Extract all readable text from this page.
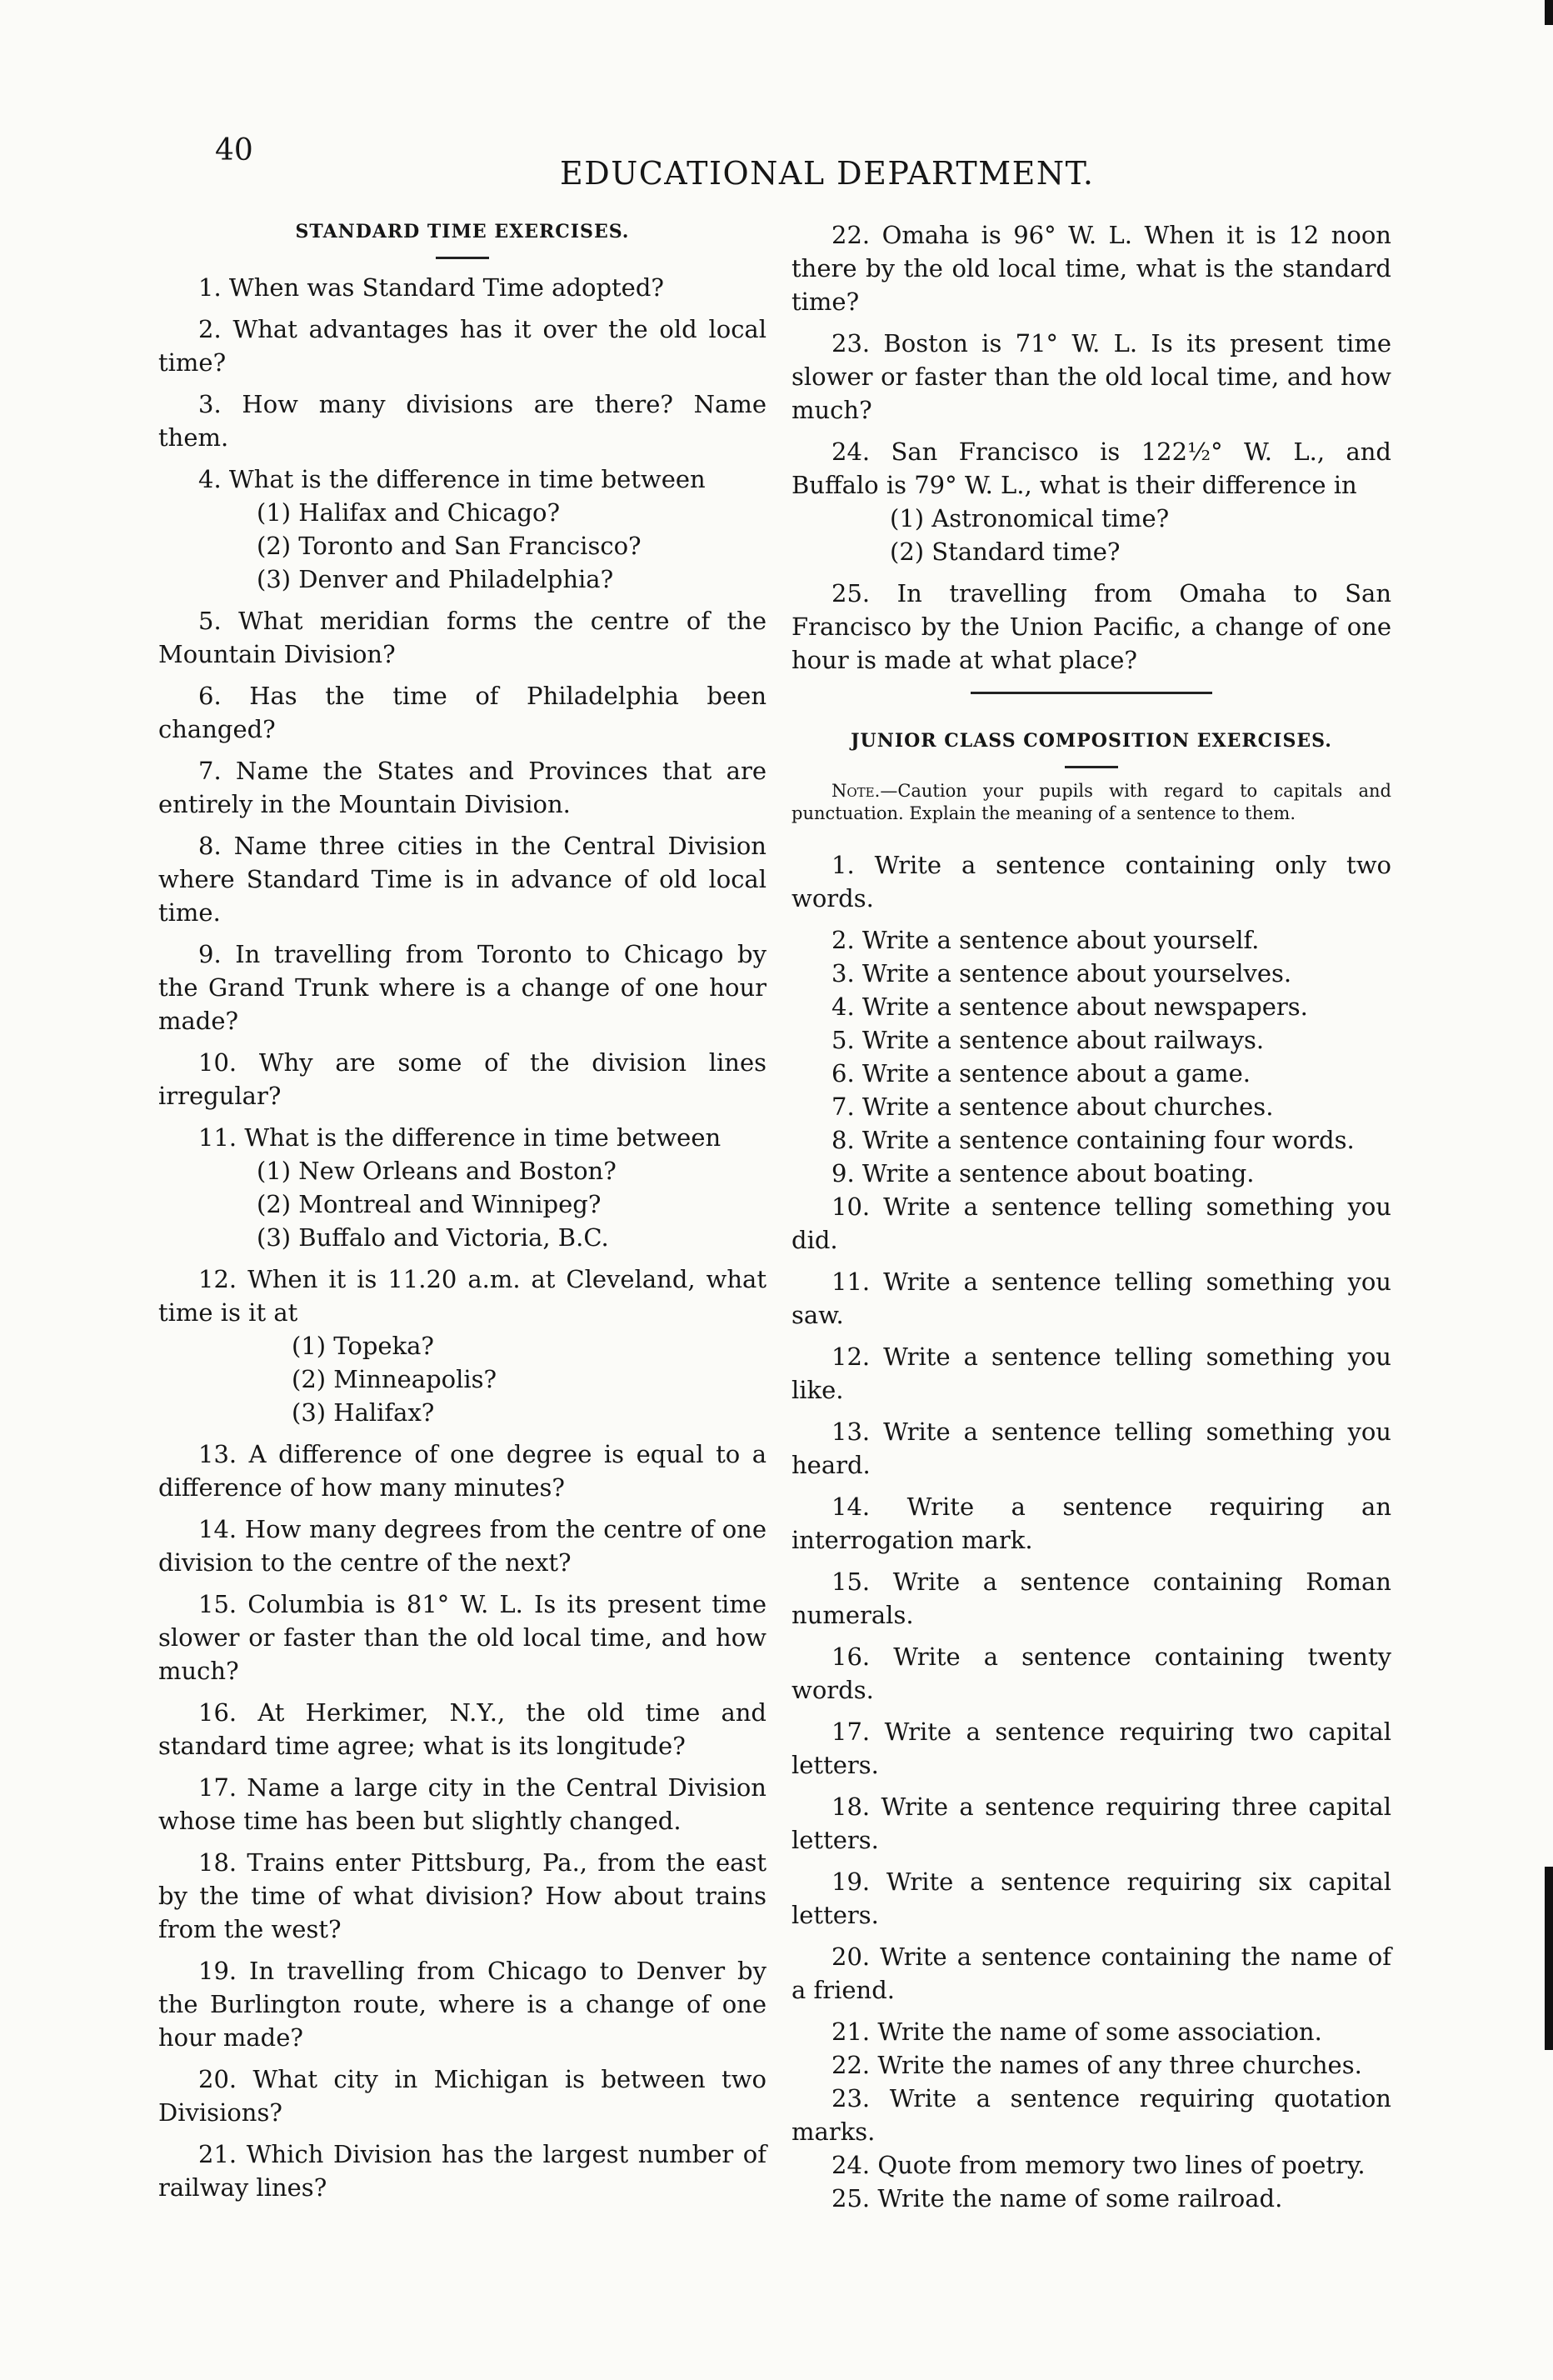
40
EDUCATIONAL DEPARTMENT.
STANDARD TIME EXERCISES.
1. When was Standard Time adopted?
2. What advantages has it over the old local time?
3. How many divisions are there? Name them.
4. What is the difference in time between
(1) Halifax and Chicago?
(2) Toronto and San Francisco?
(3) Denver and Philadelphia?
5. What meridian forms the centre of the Mountain Division?
6. Has the time of Philadelphia been changed?
7. Name the States and Provinces that are entirely in the Mountain Division.
8. Name three cities in the Central Division where Standard Time is in advance of old local time.
9. In travelling from Toronto to Chicago by the Grand Trunk where is a change of one hour made?
10. Why are some of the division lines irregular?
11. What is the difference in time between
(1) New Orleans and Boston?
(2) Montreal and Winnipeg?
(3) Buffalo and Victoria, B.C.
12. When it is 11.20 a.m. at Cleveland, what time is it at
(1) Topeka?
(2) Minneapolis?
(3) Halifax?
13. A difference of one degree is equal to a difference of how many minutes?
14. How many degrees from the centre of one division to the centre of the next?
15. Columbia is 81° W. L. Is its present time slower or faster than the old local time, and how much?
16. At Herkimer, N.Y., the old time and standard time agree; what is its longitude?
17. Name a large city in the Central Division whose time has been but slightly changed.
18. Trains enter Pittsburg, Pa., from the east by the time of what division? How about trains from the west?
19. In travelling from Chicago to Denver by the Burlington route, where is a change of one hour made?
20. What city in Michigan is between two Divisions?
21. Which Division has the largest number of railway lines?
22. Omaha is 96° W. L. When it is 12 noon there by the old local time, what is the standard time?
23. Boston is 71° W. L. Is its present time slower or faster than the old local time, and how much?
24. San Francisco is 122½° W. L., and Buffalo is 79° W. L., what is their difference in
(1) Astronomical time?
(2) Standard time?
25. In travelling from Omaha to San Francisco by the Union Pacific, a change of one hour is made at what place?
JUNIOR CLASS COMPOSITION EXERCISES.
Note.—Caution your pupils with regard to capitals and punctuation. Explain the meaning of a sentence to them.
1. Write a sentence containing only two words.
2. Write a sentence about yourself.
3. Write a sentence about yourselves.
4. Write a sentence about newspapers.
5. Write a sentence about railways.
6. Write a sentence about a game.
7. Write a sentence about churches.
8. Write a sentence containing four words.
9. Write a sentence about boating.
10. Write a sentence telling something you did.
11. Write a sentence telling something you saw.
12. Write a sentence telling something you like.
13. Write a sentence telling something you heard.
14. Write a sentence requiring an interrogation mark.
15. Write a sentence containing Roman numerals.
16. Write a sentence containing twenty words.
17. Write a sentence requiring two capital letters.
18. Write a sentence requiring three capital letters.
19. Write a sentence requiring six capital letters.
20. Write a sentence containing the name of a friend.
21. Write the name of some association.
22. Write the names of any three churches.
23. Write a sentence requiring quotation marks.
24. Quote from memory two lines of poetry.
25. Write the name of some railroad.
